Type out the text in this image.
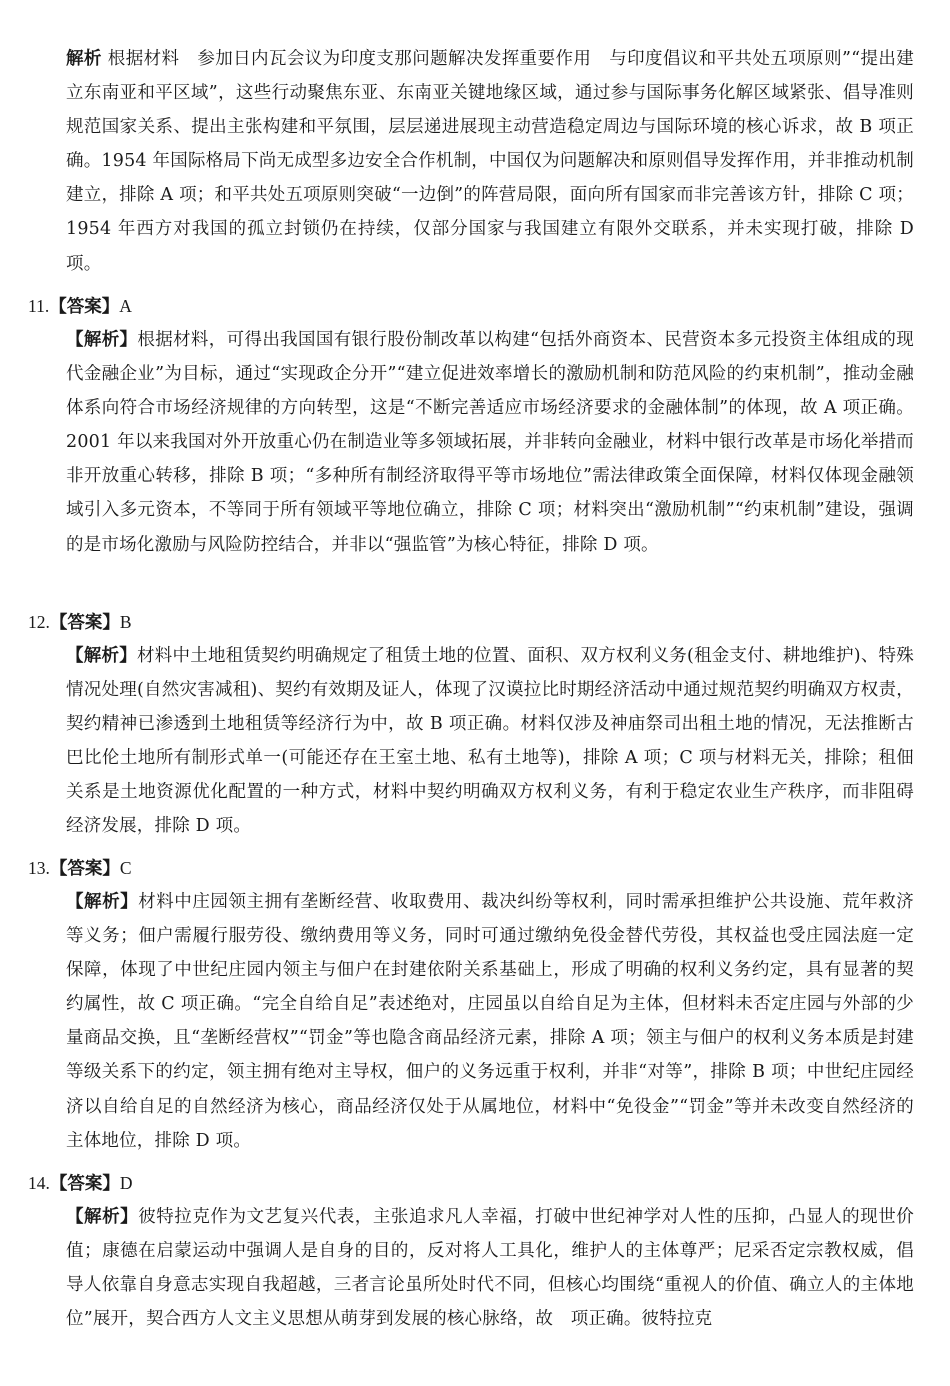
解析 根据材料　参加日内瓦会议为印度支那问题解决发挥重要作用　与印度倡议和平共处五项原则”“提出建立东南亚和平区域”，这些行动聚焦东亚、东南亚关键地缘区域，通过参与国际事务化解区域紧张、倡导准则规范国家关系、提出主张构建和平氛围，层层递进展现主动营造稳定周边与国际环境的核心诉求，故 B 项正确。1954 年国际格局下尚无成型多边安全合作机制，中国仅为问题解决和原则倡导发挥作用，并非推动机制建立，排除 A 项；和平共处五项原则突破“一边倒”的阵营局限，面向所有国家而非完善该方针，排除 C 项；1954 年西方对我国的孤立封锁仍在持续，仅部分国家与我国建立有限外交联系，并未实现打破，排除 D 项。
11.【答案】A
【解析】根据材料，可得出我国国有银行股份制改革以构建“包括外商资本、民营资本多元投资主体组成的现代金融企业”为目标，通过“实现政企分开”“建立促进效率增长的激励机制和防范风险的约束机制”，推动金融体系向符合市场经济规律的方向转型，这是“不断完善适应市场经济要求的金融体制”的体现，故 A 项正确。2001 年以来我国对外开放重心仍在制造业等多领域拓展，并非转向金融业，材料中银行改革是市场化举措而非开放重心转移，排除 B 项；“多种所有制经济取得平等市场地位”需法律政策全面保障，材料仅体现金融领域引入多元资本，不等同于所有领域平等地位确立，排除 C 项；材料突出“激励机制”“约束机制”建设，强调的是市场化激励与风险防控结合，并非以“强监管”为核心特征，排除 D 项。
12.【答案】B
【解析】材料中土地租赁契约明确规定了租赁土地的位置、面积、双方权利义务(租金支付、耕地维护)、特殊情况处理(自然灾害减租)、契约有效期及证人，体现了汉谟拉比时期经济活动中通过规范契约明确双方权责，契约精神已渗透到土地租赁等经济行为中，故 B 项正确。材料仅涉及神庙祭司出租土地的情况，无法推断古巴比伦土地所有制形式单一(可能还存在王室土地、私有土地等)，排除 A 项；C 项与材料无关，排除；租佃关系是土地资源优化配置的一种方式，材料中契约明确双方权利义务，有利于稳定农业生产秩序，而非阻碍经济发展，排除 D 项。
13.【答案】C
【解析】材料中庄园领主拥有垄断经营、收取费用、裁决纠纷等权利，同时需承担维护公共设施、荒年救济等义务；佃户需履行服劳役、缴纳费用等义务，同时可通过缴纳免役金替代劳役，其权益也受庄园法庭一定保障，体现了中世纪庄园内领主与佃户在封建依附关系基础上，形成了明确的权利义务约定，具有显著的契约属性，故 C 项正确。“完全自给自足”表述绝对，庄园虽以自给自足为主体，但材料未否定庄园与外部的少量商品交换，且“垄断经营权”“罚金”等也隐含商品经济元素，排除 A 项；领主与佃户的权利义务本质是封建等级关系下的约定，领主拥有绝对主导权，佃户的义务远重于权利，并非“对等”，排除 B 项；中世纪庄园经济以自给自足的自然经济为核心，商品经济仅处于从属地位，材料中“免役金”“罚金”等并未改变自然经济的主体地位，排除 D 项。
14.【答案】D
【解析】彼特拉克作为文艺复兴代表，主张追求凡人幸福，打破中世纪神学对人性的压抑，凸显人的现世价值；康德在启蒙运动中强调人是自身的目的，反对将人工具化，维护人的主体尊严；尼采否定宗教权威，倡导人依靠自身意志实现自我超越，三者言论虽所处时代不同，但核心均围绕“重视人的价值、确立人的主体地位”展开，契合西方人文主义思想从萌芽到发展的核心脉络，故　项正确。彼特拉克
